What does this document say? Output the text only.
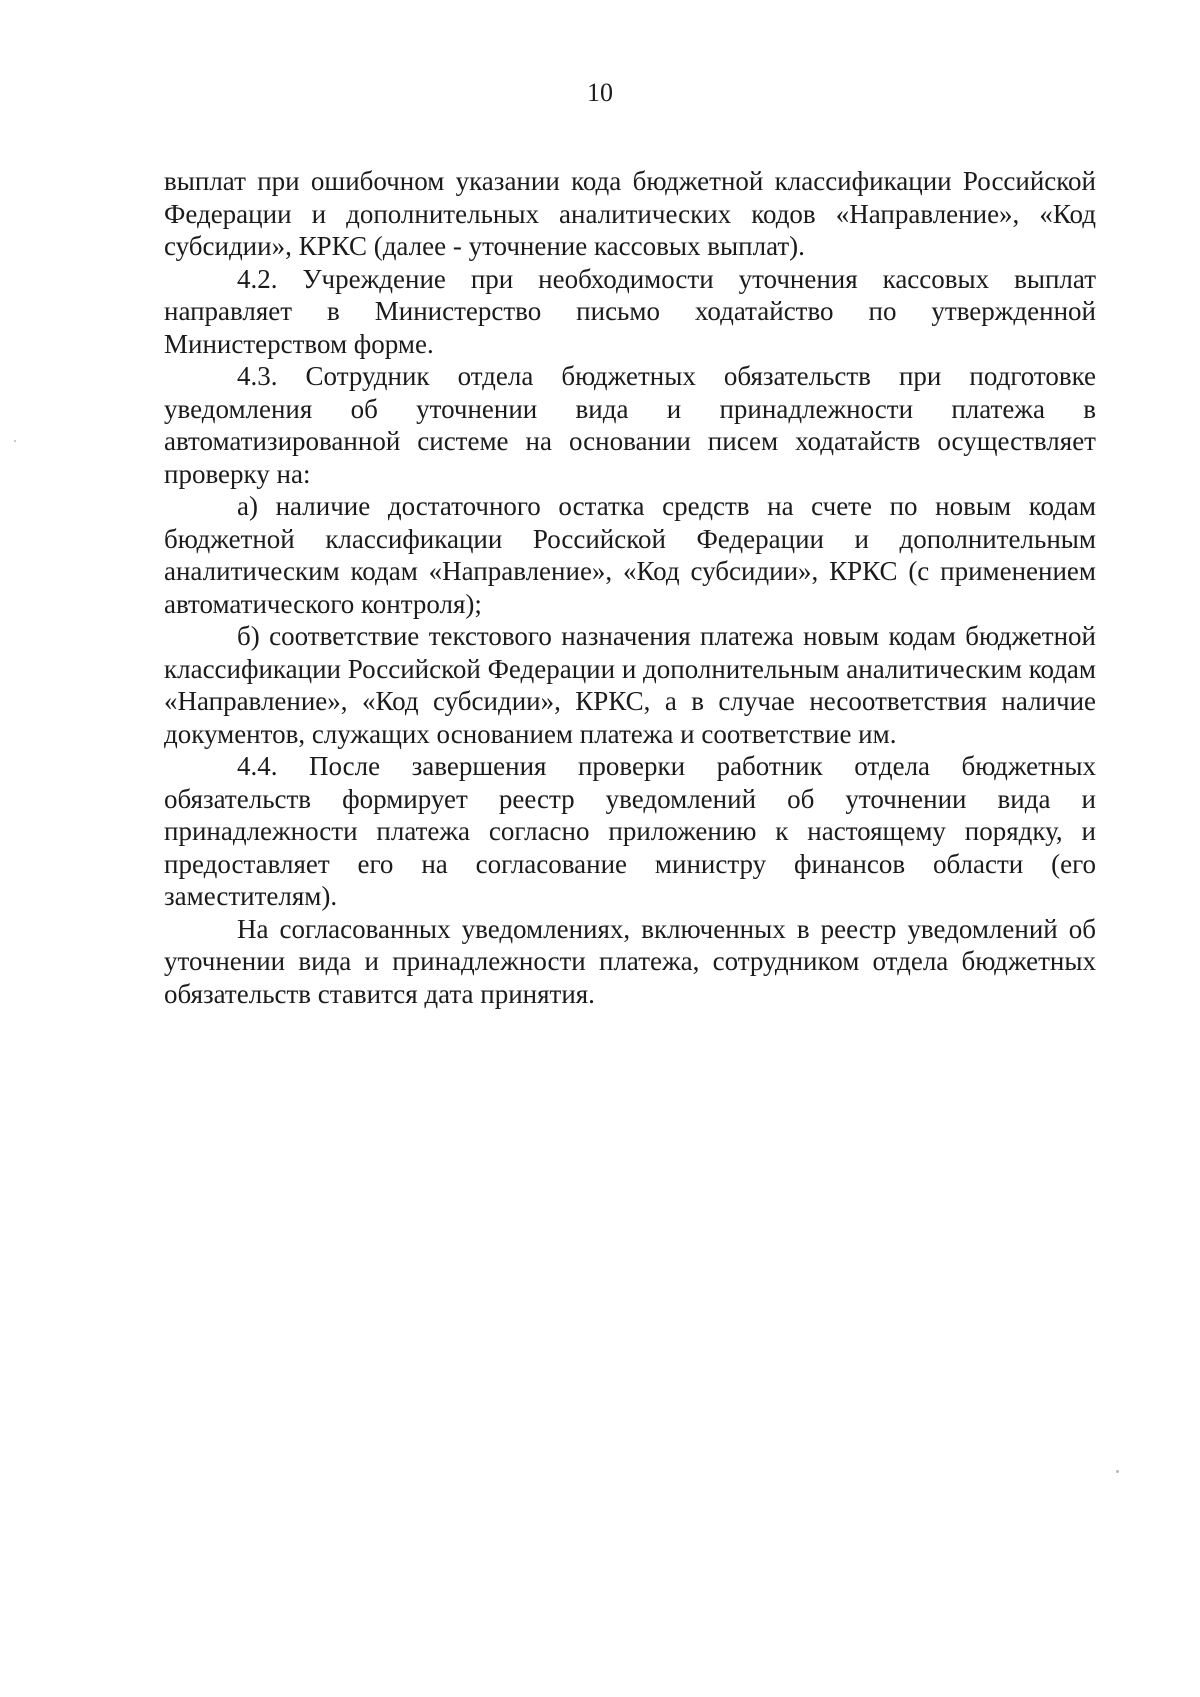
10

выплат при ошибочном указании кода бюджетной классификации Российской Федерации и дополнительных аналитических кодов «Направление», «Код субсидии», КРКС (далее - уточнение кассовых выплат).

4.2. Учреждение при необходимости уточнения кассовых выплат направляет в Министерство письмо ходатайство по утвержденной Министерством форме.

4.3. Сотрудник отдела бюджетных обязательств при подготовке уведомления об уточнении вида и принадлежности платежа в автоматизированной системе на основании писем ходатайств осуществляет проверку на:

а) наличие достаточного остатка средств на счете по новым кодам бюджетной классификации Российской Федерации и дополнительным аналитическим кодам «Направление», «Код субсидии», КРКС (с применением автоматического контроля);

б) соответствие текстового назначения платежа новым кодам бюджетной классификации Российской Федерации и дополнительным аналитическим кодам «Направление», «Код субсидии», КРКС, а в случае несоответствия наличие документов, служащих основанием платежа и соответствие им.

4.4. После завершения проверки работник отдела бюджетных обязательств формирует реестр уведомлений об уточнении вида и принадлежности платежа согласно приложению к настоящему порядку, и предоставляет его на согласование министру финансов области (его заместителям).

На согласованных уведомлениях, включенных в реестр уведомлений об уточнении вида и принадлежности платежа, сотрудником отдела бюджетных обязательств ставится дата принятия.
